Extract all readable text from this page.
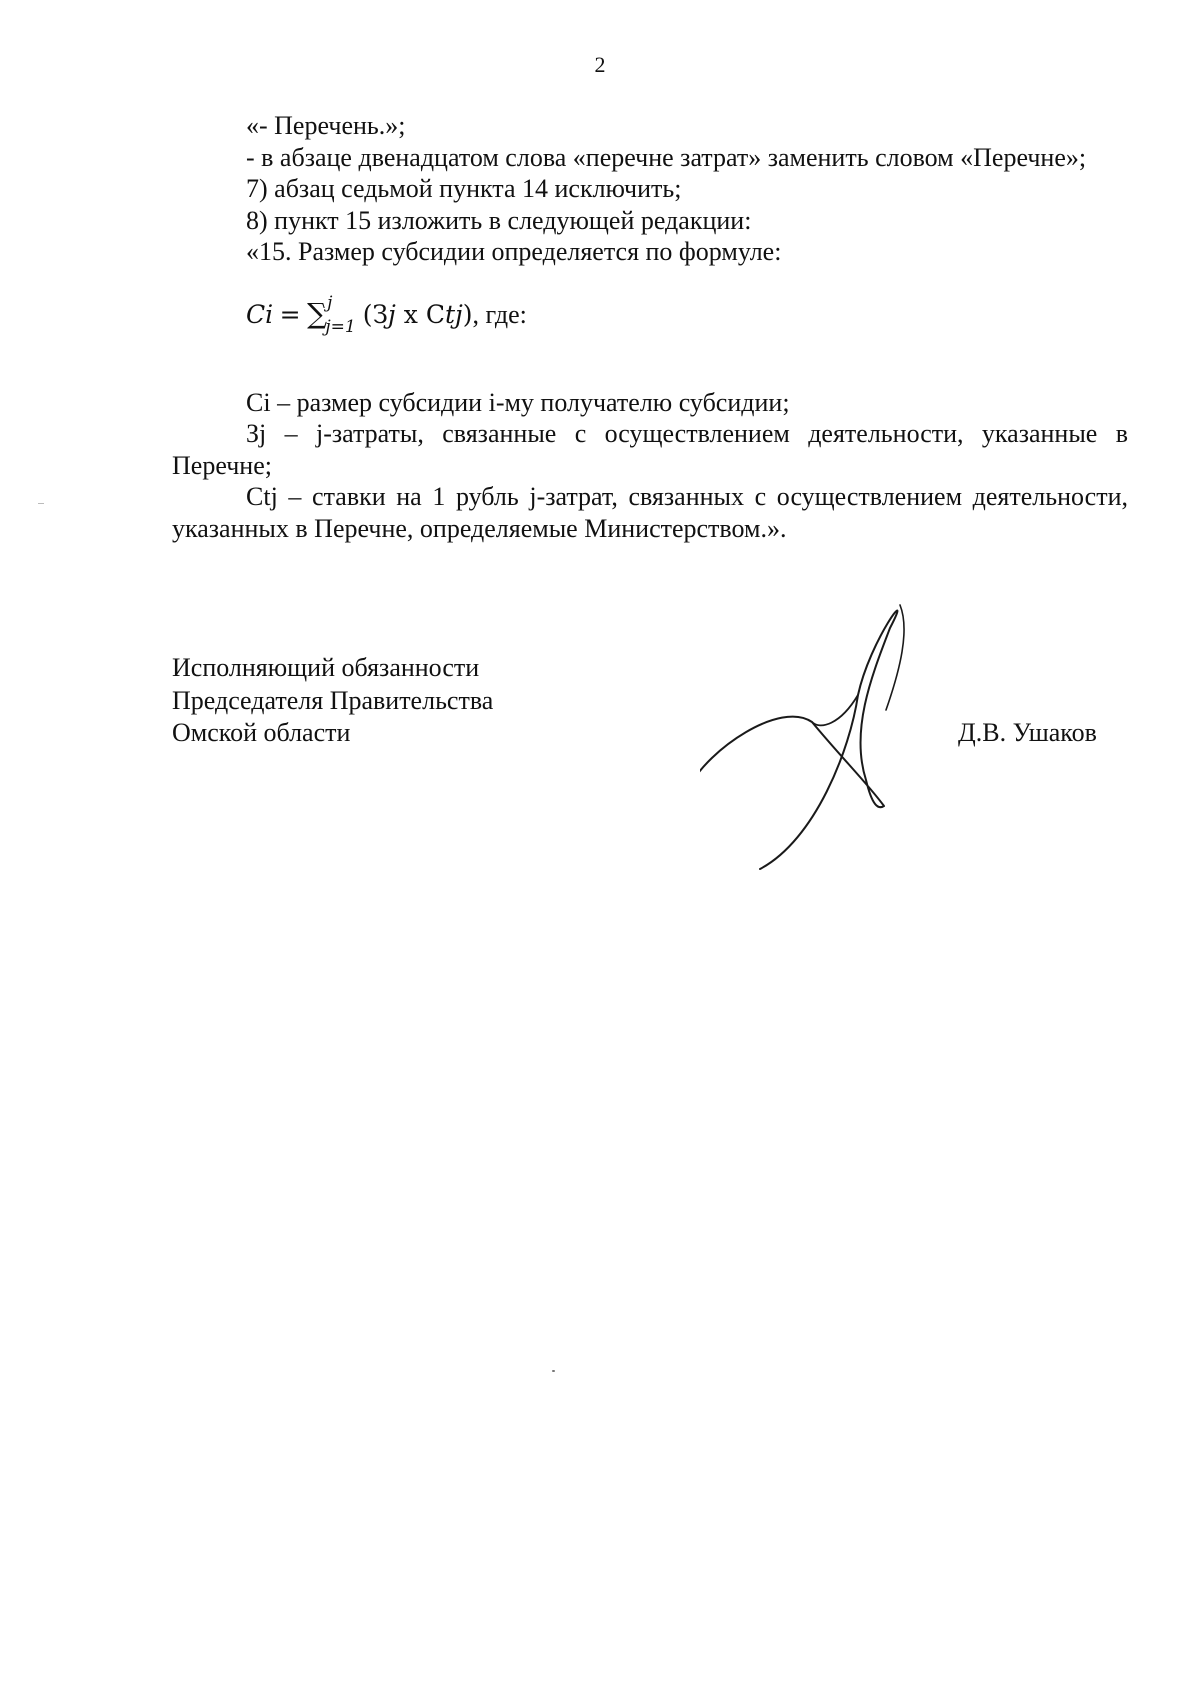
2

«- Перечень.»;

- в абзаце двенадцатом слова «перечне затрат» заменить словом «Перечне»;

7) абзац седьмой пункта 14 исключить;

8) пункт 15 изложить в следующей редакции:

«15. Размер субсидии определяется по формуле:

Ci = ∑$^j_{j=1}$ (Зj x Сtj), где:

Ci – размер субсидии i-му получателю субсидии;

Зj – j-затраты, связанные с осуществлением деятельности, указанные в Перечне;

Сtj – ставки на 1 рубль j-затрат, связанных с осуществлением деятельности, указанных в Перечне, определяемые Министерством.».

Исполняющий обязанности
Председателя Правительства
Омской области	Д.В. Ушаков
